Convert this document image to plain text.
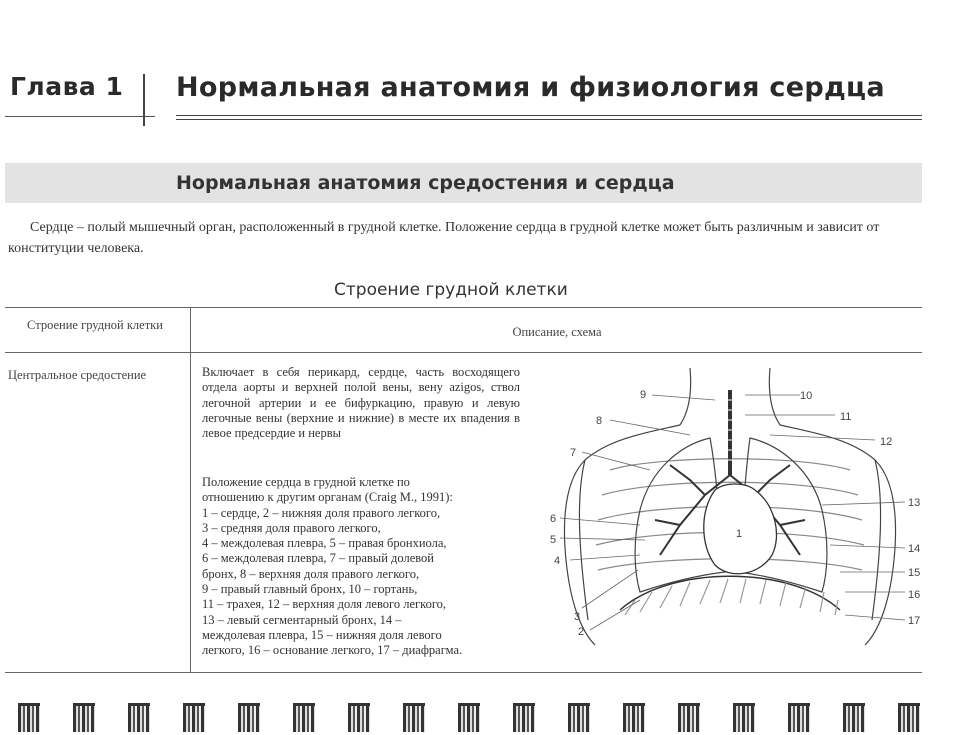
Глава 1 Нормальная анатомия и физиология сердца
Нормальная анатомия средостения и сердца

Сердце – полый мышечный орган, расположенный в грудной клетке. Положение сердца в грудной клетке может быть различным и зависит от конституции человека.

Строение грудной клетки
Строение грудной клетки	Описание, схема
Центральное средостение	Включает в себя перикард, сердце, часть восходящего отдела аорты и верхней полой вены, вену azigos, ствол легочной артерии и ее бифуркацию, правую и левую легочные вены (верхние и нижние) в месте их впадения в левое предсердие и нервы

Положение сердца в грудной клетке по
отношению к другим органам (Craig M., 1991):
1 – сердце, 2 – нижняя доля правого легкого,
3 – средняя доля правого легкого,
4 – междолевая плевра, 5 – правая бронхиола,
6 – междолевая плевра, 7 – правый долевой
бронх, 8 – верхняя доля правого легкого,
9 – правый главный бронх, 10 – гортань,
11 – трахея, 12 – верхняя доля левого легкого,
13 – левый сегментарный бронх, 14 –
междолевая плевра, 15 – нижняя доля левого
легкого, 16 – основание легкого, 17 – диафрагма.

1
2
3
4
5
6
7
8
9	10
11
12
13
14
15
16
17
